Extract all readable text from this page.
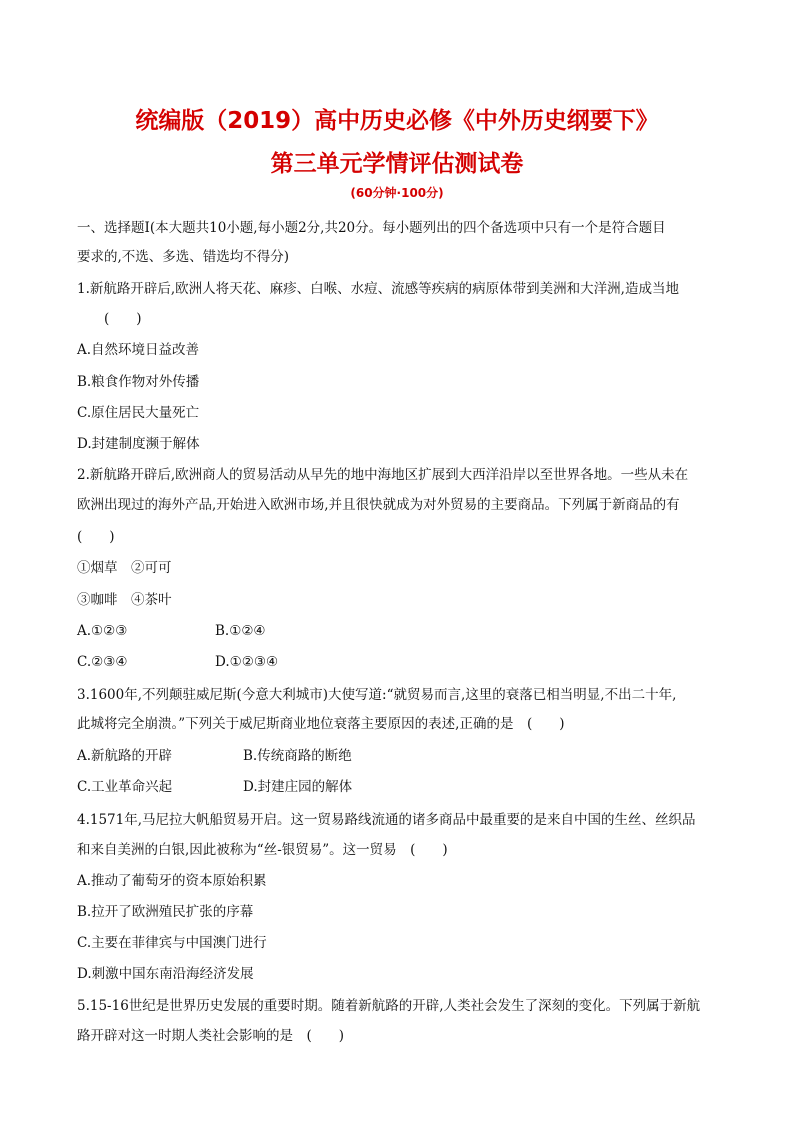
统编版（2019）高中历史必修《中外历史纲要下》
第三单元学情评估测试卷
(60分钟·100分)
一、选择题Ⅰ(本大题共10小题,每小题2分,共20分。每小题列出的四个备选项中只有一个是符合题目
要求的,不选、多选、错选均不得分)
1.新航路开辟后,欧洲人将天花、麻疹、白喉、水痘、流感等疾病的病原体带到美洲和大洋洲,造成当地
(　　)
A.自然环境日益改善
B.粮食作物对外传播
C.原住居民大量死亡
D.封建制度濒于解体
2.新航路开辟后,欧洲商人的贸易活动从早先的地中海地区扩展到大西洋沿岸以至世界各地。一些从未在
欧洲出现过的海外产品,开始进入欧洲市场,并且很快就成为对外贸易的主要商品。下列属于新商品的有
(　　)
①烟草　②可可
③咖啡　④茶叶
A.①②③	B.①②④
C.②③④	D.①②③④
3.1600年,不列颠驻威尼斯(今意大利城市)大使写道:“就贸易而言,这里的衰落已相当明显,不出二十年,
此城将完全崩溃。”下列关于威尼斯商业地位衰落主要原因的表述,正确的是　(　　)
A.新航路的开辟	B.传统商路的断绝
C.工业革命兴起	D.封建庄园的解体
4.1571年,马尼拉大帆船贸易开启。这一贸易路线流通的诸多商品中最重要的是来自中国的生丝、丝织品
和来自美洲的白银,因此被称为“丝-银贸易”。这一贸易　(　　)
A.推动了葡萄牙的资本原始积累
B.拉开了欧洲殖民扩张的序幕
C.主要在菲律宾与中国澳门进行
D.刺激中国东南沿海经济发展
5.15-16世纪是世界历史发展的重要时期。随着新航路的开辟,人类社会发生了深刻的变化。下列属于新航
路开辟对这一时期人类社会影响的是　(　　)
